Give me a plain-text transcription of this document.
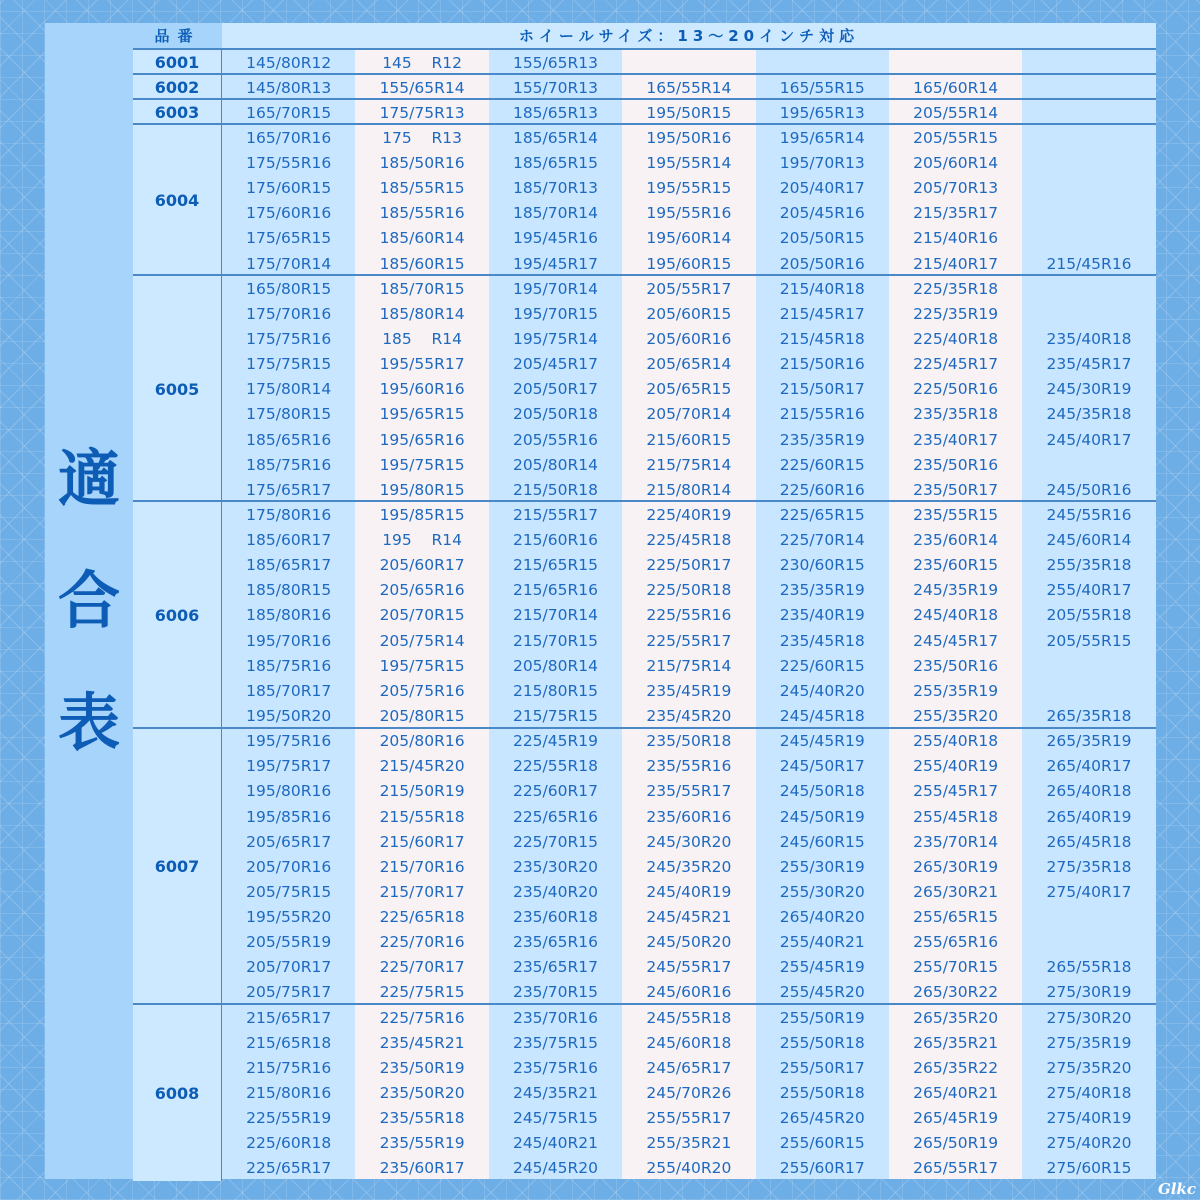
適
合
表
品番	ホイールサイズ：13～20インチ対応
6001	145/80R12	145    R12	155/65R13
6002	145/80R13	155/65R14	155/70R13	165/55R14	165/55R15	165/60R14
6003	165/70R15	175/75R13	185/65R13	195/50R15	195/65R13	205/55R14
6004
165/70R16	175    R13	185/65R14	195/50R16	195/65R14	205/55R15
175/55R16	185/50R16	185/65R15	195/55R14	195/70R13	205/60R14
175/60R15	185/55R15	185/70R13	195/55R15	205/40R17	205/70R13
175/60R16	185/55R16	185/70R14	195/55R16	205/45R16	215/35R17
175/65R15	185/60R14	195/45R16	195/60R14	205/50R15	215/40R16
175/70R14	185/60R15	195/45R17	195/60R15	205/50R16	215/40R17	215/45R16
6005
165/80R15	185/70R15	195/70R14	205/55R17	215/40R18	225/35R18
175/70R16	185/80R14	195/70R15	205/60R15	215/45R17	225/35R19
175/75R16	185    R14	195/75R14	205/60R16	215/45R18	225/40R18	235/40R18
175/75R15	195/55R17	205/45R17	205/65R14	215/50R16	225/45R17	235/45R17
175/80R14	195/60R16	205/50R17	205/65R15	215/50R17	225/50R16	245/30R19
175/80R15	195/65R15	205/50R18	205/70R14	215/55R16	235/35R18	245/35R18
185/65R16	195/65R16	205/55R16	215/60R15	235/35R19	235/40R17	245/40R17
185/75R16	195/75R15	205/80R14	215/75R14	225/60R15	235/50R16
175/65R17	195/80R15	215/50R18	215/80R14	225/60R16	235/50R17	245/50R16
6006
175/80R16	195/85R15	215/55R17	225/40R19	225/65R15	235/55R15	245/55R16
185/60R17	195    R14	215/60R16	225/45R18	225/70R14	235/60R14	245/60R14
185/65R17	205/60R17	215/65R15	225/50R17	230/60R15	235/60R15	255/35R18
185/80R15	205/65R16	215/65R16	225/50R18	235/35R19	245/35R19	255/40R17
185/80R16	205/70R15	215/70R14	225/55R16	235/40R19	245/40R18	205/55R18
195/70R16	205/75R14	215/70R15	225/55R17	235/45R18	245/45R17	205/55R15
185/75R16	195/75R15	205/80R14	215/75R14	225/60R15	235/50R16
185/70R17	205/75R16	215/80R15	235/45R19	245/40R20	255/35R19
195/50R20	205/80R15	215/75R15	235/45R20	245/45R18	255/35R20	265/35R18
6007
195/75R16	205/80R16	225/45R19	235/50R18	245/45R19	255/40R18	265/35R19
195/75R17	215/45R20	225/55R18	235/55R16	245/50R17	255/40R19	265/40R17
195/80R16	215/50R19	225/60R17	235/55R17	245/50R18	255/45R17	265/40R18
195/85R16	215/55R18	225/65R16	235/60R16	245/50R19	255/45R18	265/40R19
205/65R17	215/60R17	225/70R15	245/30R20	245/60R15	235/70R14	265/45R18
205/70R16	215/70R16	235/30R20	245/35R20	255/30R19	265/30R19	275/35R18
205/75R15	215/70R17	235/40R20	245/40R19	255/30R20	265/30R21	275/40R17
195/55R20	225/65R18	235/60R18	245/45R21	265/40R20	255/65R15
205/55R19	225/70R16	235/65R16	245/50R20	255/40R21	255/65R16
205/70R17	225/70R17	235/65R17	245/55R17	255/45R19	255/70R15	265/55R18
205/75R17	225/75R15	235/70R15	245/60R16	255/45R20	265/30R22	275/30R19
6008
215/65R17	225/75R16	235/70R16	245/55R18	255/50R19	265/35R20	275/30R20
215/65R18	235/45R21	235/75R15	245/60R18	255/50R18	265/35R21	275/35R19
215/75R16	235/50R19	235/75R16	245/65R17	255/50R17	265/35R22	275/35R20
215/80R16	235/50R20	245/35R21	245/70R26	255/50R18	265/40R21	275/40R18
225/55R19	235/55R18	245/75R15	255/55R17	265/45R20	265/45R19	275/40R19
225/60R18	235/55R19	245/40R21	255/35R21	255/60R15	265/50R19	275/40R20
225/65R17	235/60R17	245/45R20	255/40R20	255/60R17	265/55R17	275/60R15
Glkc
